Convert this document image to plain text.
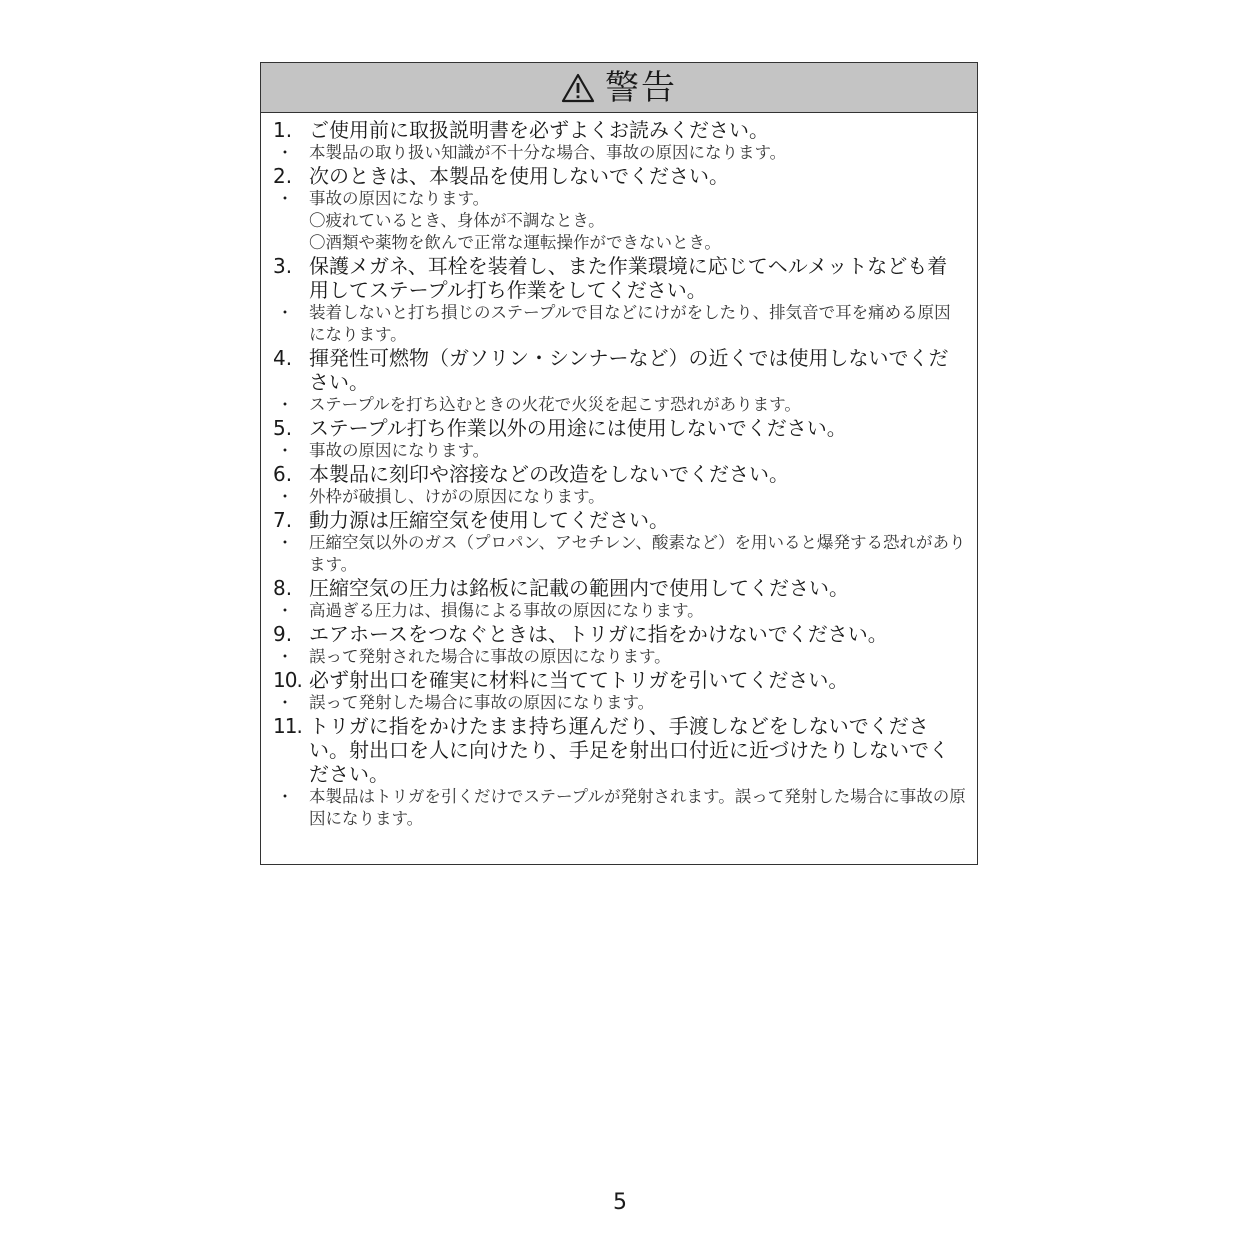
警告
1. ご使用前に取扱説明書を必ずよくお読みください。
・ 本製品の取り扱い知識が不十分な場合、事故の原因になります。
2. 次のときは、本製品を使用しないでください。
・ 事故の原因になります。
〇疲れているとき、身体が不調なとき。
〇酒類や薬物を飲んで正常な運転操作ができないとき。
3. 保護メガネ、耳栓を装着し、また作業環境に応じてヘルメットなども着用してステープル打ち作業をしてください。
・ 装着しないと打ち損じのステープルで目などにけがをしたり、排気音で耳を痛める原因になります。
4. 揮発性可燃物（ガソリン・シンナーなど）の近くでは使用しないでください。
・ ステープルを打ち込むときの火花で火災を起こす恐れがあります。
5. ステープル打ち作業以外の用途には使用しないでください。
・ 事故の原因になります。
6. 本製品に刻印や溶接などの改造をしないでください。
・ 外枠が破損し、けがの原因になります。
7. 動力源は圧縮空気を使用してください。
・ 圧縮空気以外のガス（プロパン、アセチレン、酸素など）を用いると爆発する恐れがあります。
8. 圧縮空気の圧力は銘板に記載の範囲内で使用してください。
・ 高過ぎる圧力は、損傷による事故の原因になります。
9. エアホースをつなぐときは、トリガに指をかけないでください。
・ 誤って発射された場合に事故の原因になります。
10. 必ず射出口を確実に材料に当ててトリガを引いてください。
・ 誤って発射した場合に事故の原因になります。
11. トリガに指をかけたまま持ち運んだり、手渡しなどをしないでください。射出口を人に向けたり、手足を射出口付近に近づけたりしないでください。
・ 本製品はトリガを引くだけでステープルが発射されます。誤って発射した場合に事故の原因になります。
5
